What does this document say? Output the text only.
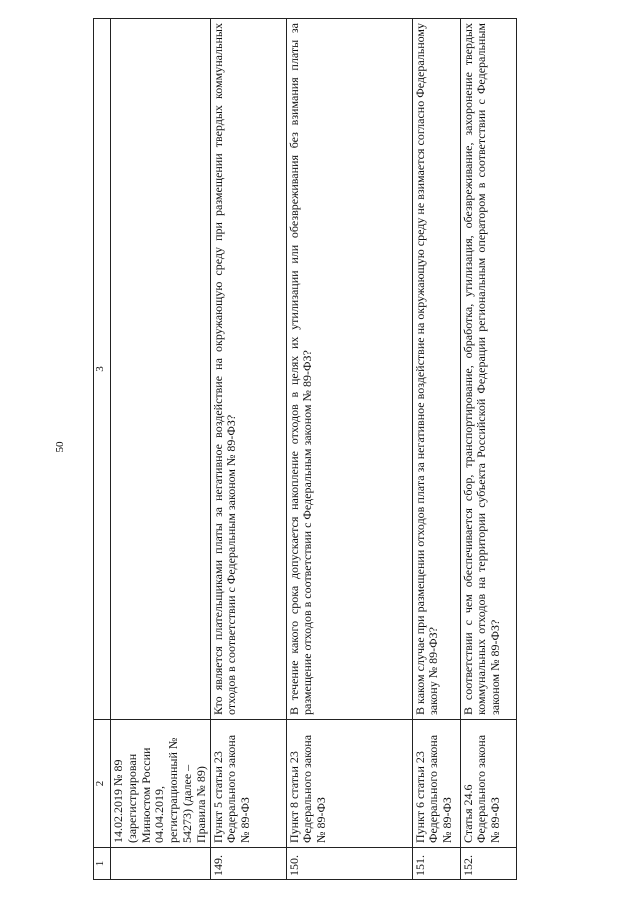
50
1	2	3
	14.02.2019 № 89 (зарегистрирован Минюстом России 04.04.2019, регистрационный № 54273) (далее – Правила № 89)	
149.	Пункт 5 статьи 23 Федерального закона № 89-ФЗ	Кто является плательщиками платы за негативное воздействие на окружающую среду при размещении твердых коммунальных отходов в соответствии с Федеральным законом № 89-ФЗ?
150.	Пункт 8 статьи 23 Федерального закона № 89-ФЗ	В течение какого срока допускается накопление отходов в целях их утилизации или обезвреживания без взимания платы за размещение отходов в соответствии с Федеральным законом № 89-ФЗ?
151.	Пункт 6 статьи 23 Федерального закона № 89-ФЗ	В каком случае при размещении отходов плата за негативное воздействие на окружающую среду не взимается согласно Федеральному закону № 89-ФЗ?
152.	Статья 24.6 Федерального закона № 89-ФЗ	В соответствии с чем обеспечивается сбор, транспортирование, обработка, утилизация, обезвреживание, захоронение твердых коммунальных отходов на территории субъекта Российской Федерации региональным оператором в соответствии с Федеральным законом № 89-ФЗ?
